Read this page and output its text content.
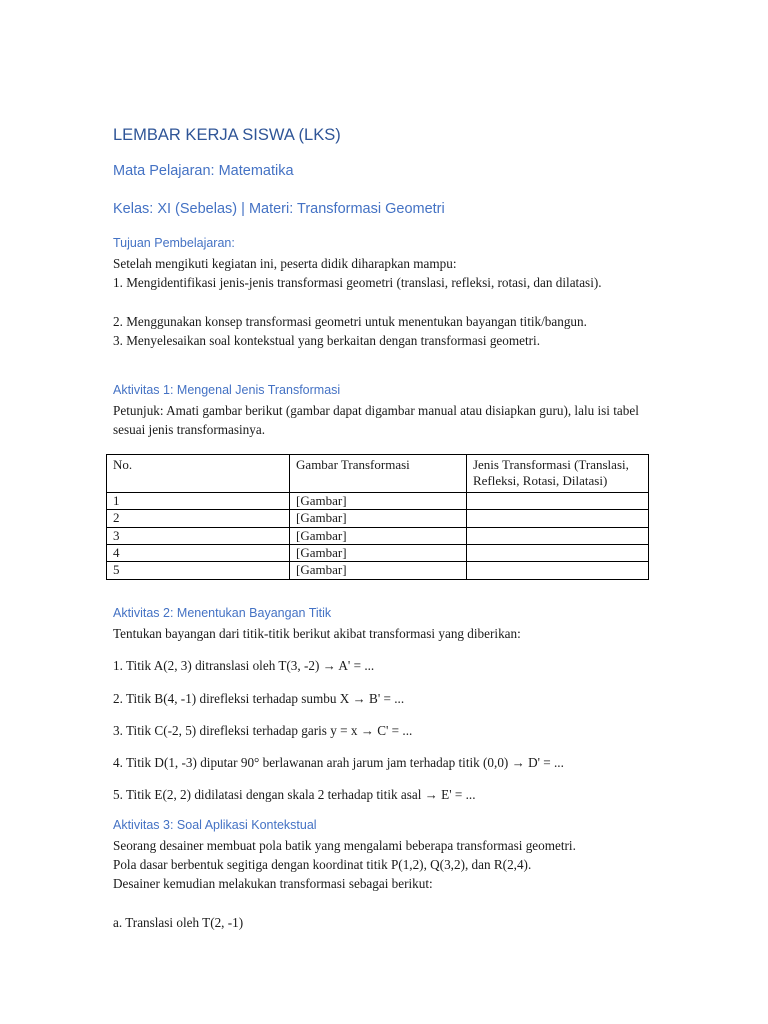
LEMBAR KERJA SISWA (LKS)
Mata Pelajaran: Matematika
Kelas: XI (Sebelas) | Materi: Transformasi Geometri
Tujuan Pembelajaran:

Setelah mengikuti kegiatan ini, peserta didik diharapkan mampu:

1. Mengidentifikasi jenis-jenis transformasi geometri (translasi, refleksi, rotasi, dan dilatasi).

2. Menggunakan konsep transformasi geometri untuk menentukan bayangan titik/bangun.

3. Menyelesaikan soal kontekstual yang berkaitan dengan transformasi geometri.

Aktivitas 1: Mengenal Jenis Transformasi

Petunjuk: Amati gambar berikut (gambar dapat digambar manual atau disiapkan guru), lalu isi tabel sesuai jenis transformasinya.

No.	Gambar Transformasi	Jenis Transformasi (Translasi, Refleksi, Rotasi, Dilatasi)
1	[Gambar]	
2	[Gambar]	
3	[Gambar]	
4	[Gambar]	
5	[Gambar]	
Aktivitas 2: Menentukan Bayangan Titik

Tentukan bayangan dari titik-titik berikut akibat transformasi yang diberikan:

1. Titik A(2, 3) ditranslasi oleh T(3, -2) → A' = ...

2. Titik B(4, -1) direfleksi terhadap sumbu X → B' = ...

3. Titik C(-2, 5) direfleksi terhadap garis y = x → C' = ...

4. Titik D(1, -3) diputar 90° berlawanan arah jarum jam terhadap titik (0,0) → D' = ...

5. Titik E(2, 2) didilatasi dengan skala 2 terhadap titik asal → E' = ...

Aktivitas 3: Soal Aplikasi Kontekstual

Seorang desainer membuat pola batik yang mengalami beberapa transformasi geometri.

Pola dasar berbentuk segitiga dengan koordinat titik P(1,2), Q(3,2), dan R(2,4).

Desainer kemudian melakukan transformasi sebagai berikut:

a. Translasi oleh T(2, -1)
